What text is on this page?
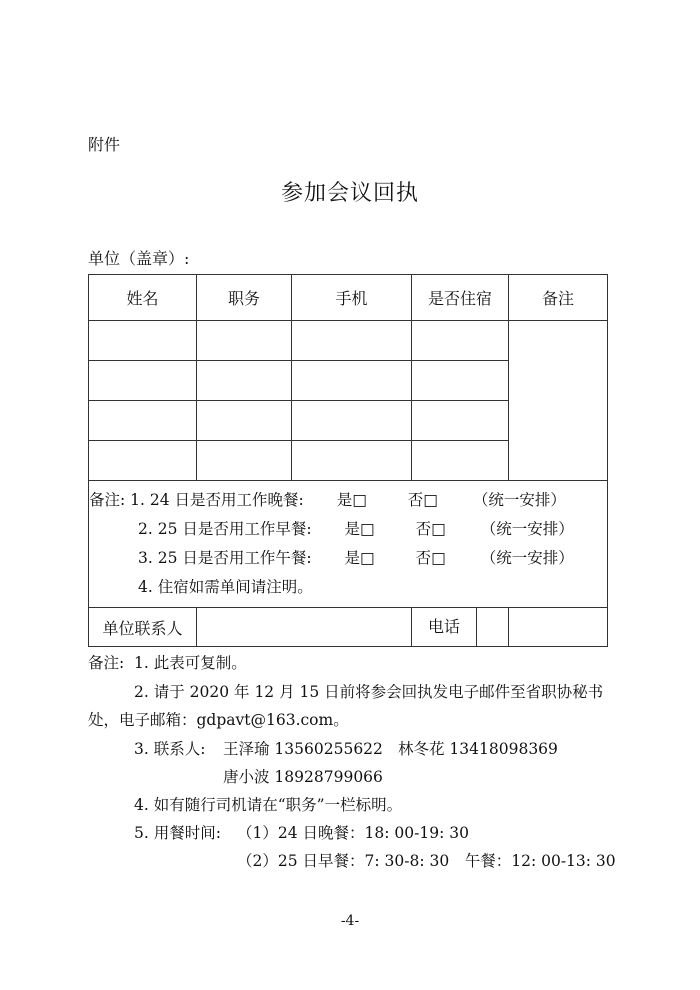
附件
参加会议回执
单位（盖章）:
姓名	职务	手机	是否住宿	备注

备注: 1. 24 日是否用工作晚餐: 是□ 否□ （统一安排）
2. 25 日是否用工作早餐: 是□ 否□ （统一安排）
3. 25 日是否用工作午餐: 是□ 否□ （统一安排）
4. 住宿如需单间请注明。				

单位联系人			电话	
备注: 1. 此表可复制。
2. 请于 2020 年 12 月 15 日前将参会回执发电子邮件至省职协秘书
处，电子邮箱：gdpavt@163.com。
3. 联系人: 王泽瑜 13560255622 林冬花 13418098369
唐小波 18928799066
4. 如有随行司机请在“职务”一栏标明。
5. 用餐时间: （1）24 日晚餐：18: 00-19: 30
（2）25 日早餐：7: 30-8: 30　午餐：12: 00-13: 30
-4-
